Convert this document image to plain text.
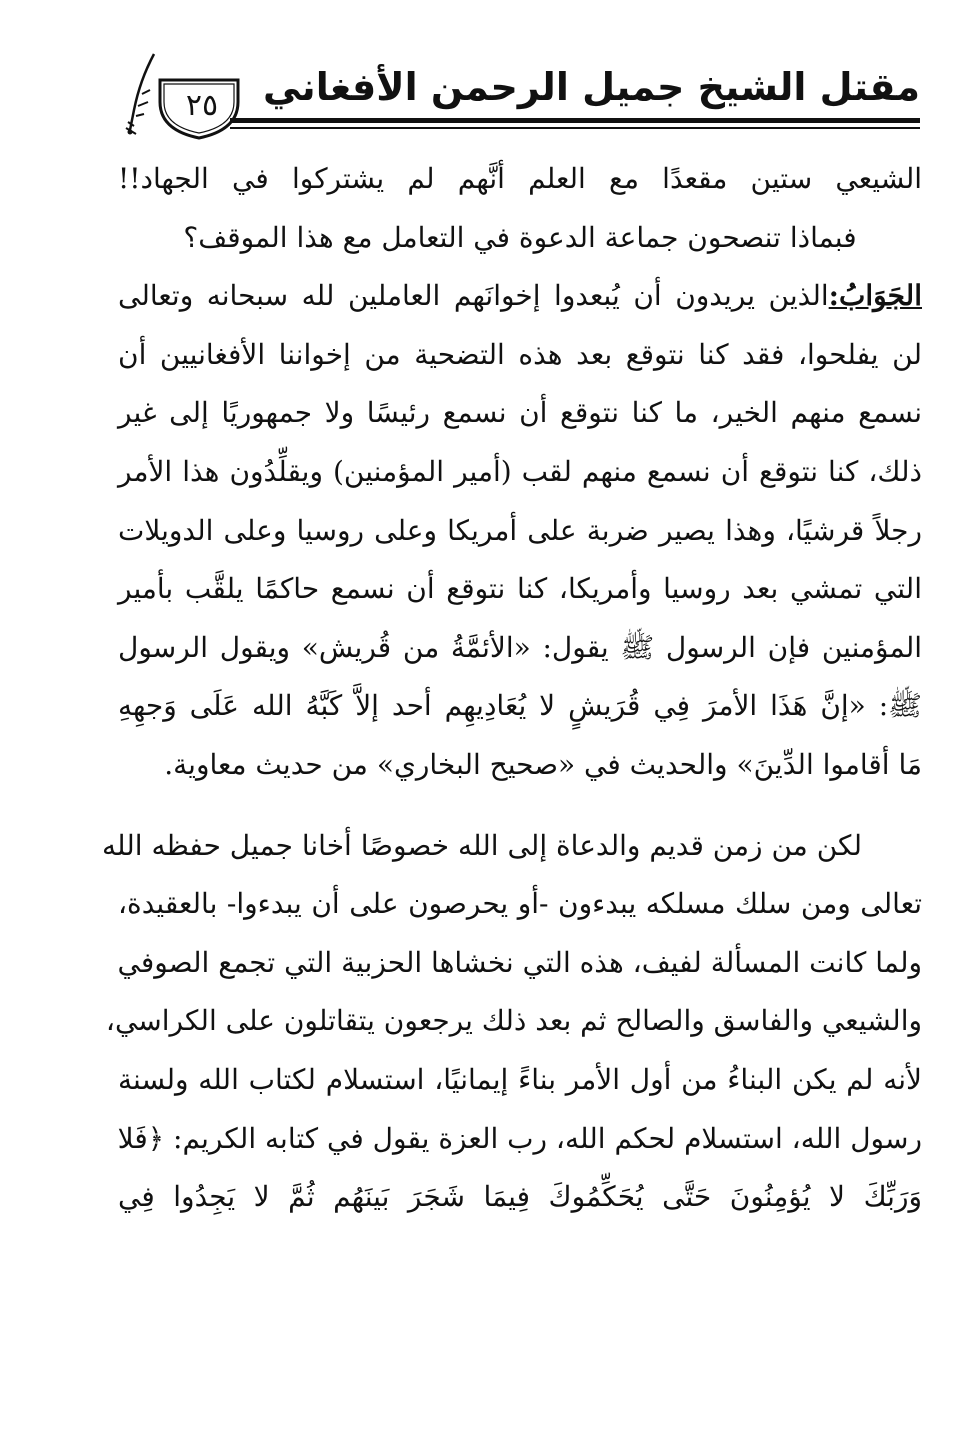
مقتل الشيخ جميل الرحمن الأفغاني
٢٥
الشيعي ستين مقعدًا مع العلم أنَّهم لم يشتركوا في الجهاد!!
فبماذا تنصحون جماعة الدعوة في التعامل مع هذا الموقف؟
الجَوَابُ:الذين يريدون أن يُبعدوا إخوانَهم العاملين لله سبحانه وتعالى
لن يفلحوا، فقد كنا نتوقع بعد هذه التضحية من إخواننا الأفغانيين أن
نسمع منهم الخير، ما كنا نتوقع أن نسمع رئيسًا ولا جمهوريًا إلى غير
ذلك، كنا نتوقع أن نسمع منهم لقب (أمير المؤمنين) ويقلِّدُون هذا الأمر
رجلاً قرشيًا، وهذا يصير ضربة على أمريكا وعلى روسيا وعلى الدويلات
التي تمشي بعد روسيا وأمريكا، كنا نتوقع أن نسمع حاكمًا يلقَّب بأمير
المؤمنين فإن الرسول ﷺ يقول: «الأئمَّةُ من قُريش» ويقول الرسول
ﷺ: «إنَّ هَذَا الأمرَ فِي قُرَيشٍ لا يُعَادِيهِم أحد إلاَّ كَبَّهُ الله عَلَى وَجهِهِ
مَا أقاموا الدِّينَ» والحديث في «صحيح البخاري» من حديث معاوية.
لكن من زمن قديم والدعاة إلى الله خصوصًا أخانا جميل حفظه الله
تعالى ومن سلك مسلكه يبدءون -أو يحرصون على أن يبدءوا- بالعقيدة،
ولما كانت المسألة لفيف، هذه التي نخشاها الحزبية التي تجمع الصوفي
والشيعي والفاسق والصالح ثم بعد ذلك يرجعون يتقاتلون على الكراسي،
لأنه لم يكن البناءُ من أول الأمر بناءً إيمانيًا، استسلام لكتاب الله ولسنة
رسول الله، استسلام لحكم الله، رب العزة يقول في كتابه الكريم: ﴿فَلا
وَرَبِّكَ لا يُؤمِنُونَ حَتَّى يُحَكِّمُوكَ فِيمَا شَجَرَ بَينَهُم ثُمَّ لا يَجِدُوا فِي
